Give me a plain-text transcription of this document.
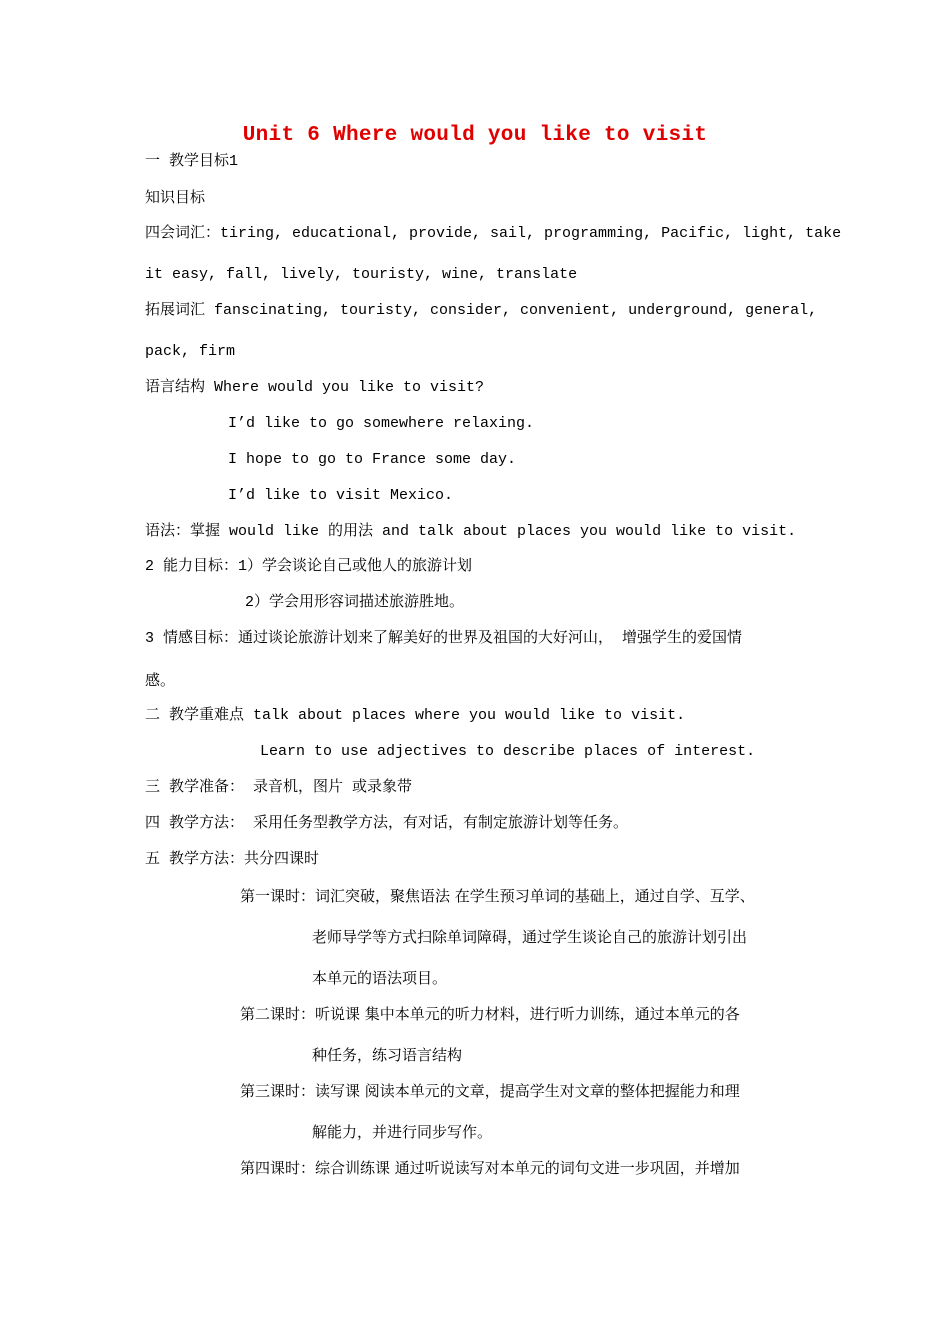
Unit 6 Where would you like to visit
一 教学目标1
知识目标
四会词汇：tiring, educational, provide, sail, programming, Pacific, light, take
it easy, fall, lively, touristy, wine, translate
拓展词汇 fanscinating, touristy, consider, convenient, underground, general,
pack, firm
语言结构 Where would you like to visit?
I’d like to go somewhere relaxing.
I hope to go to France some day.
I’d like to visit Mexico.
语法：掌握 would like 的用法 and talk about places you would like to visit.
2 能力目标：1）学会谈论自己或他人的旅游计划
2）学会用形容词描述旅游胜地。
3 情感目标：通过谈论旅游计划来了解美好的世界及祖国的大好河山， 增强学生的爱国情
感。
二 教学重难点 talk about places where you would like to visit.
Learn to use adjectives to describe places of interest.
三 教学准备： 录音机，图片 或录象带
四 教学方法： 采用任务型教学方法，有对话，有制定旅游计划等任务。
五 教学方法：共分四课时
第一课时：词汇突破，聚焦语法 在学生预习单词的基础上，通过自学、互学、
老师导学等方式扫除单词障碍，通过学生谈论自己的旅游计划引出
本单元的语法项目。
第二课时：听说课 集中本单元的听力材料，进行听力训练，通过本单元的各
种任务，练习语言结构
第三课时：读写课 阅读本单元的文章，提高学生对文章的整体把握能力和理
解能力，并进行同步写作。
第四课时：综合训练课 通过听说读写对本单元的词句文进一步巩固，并增加
